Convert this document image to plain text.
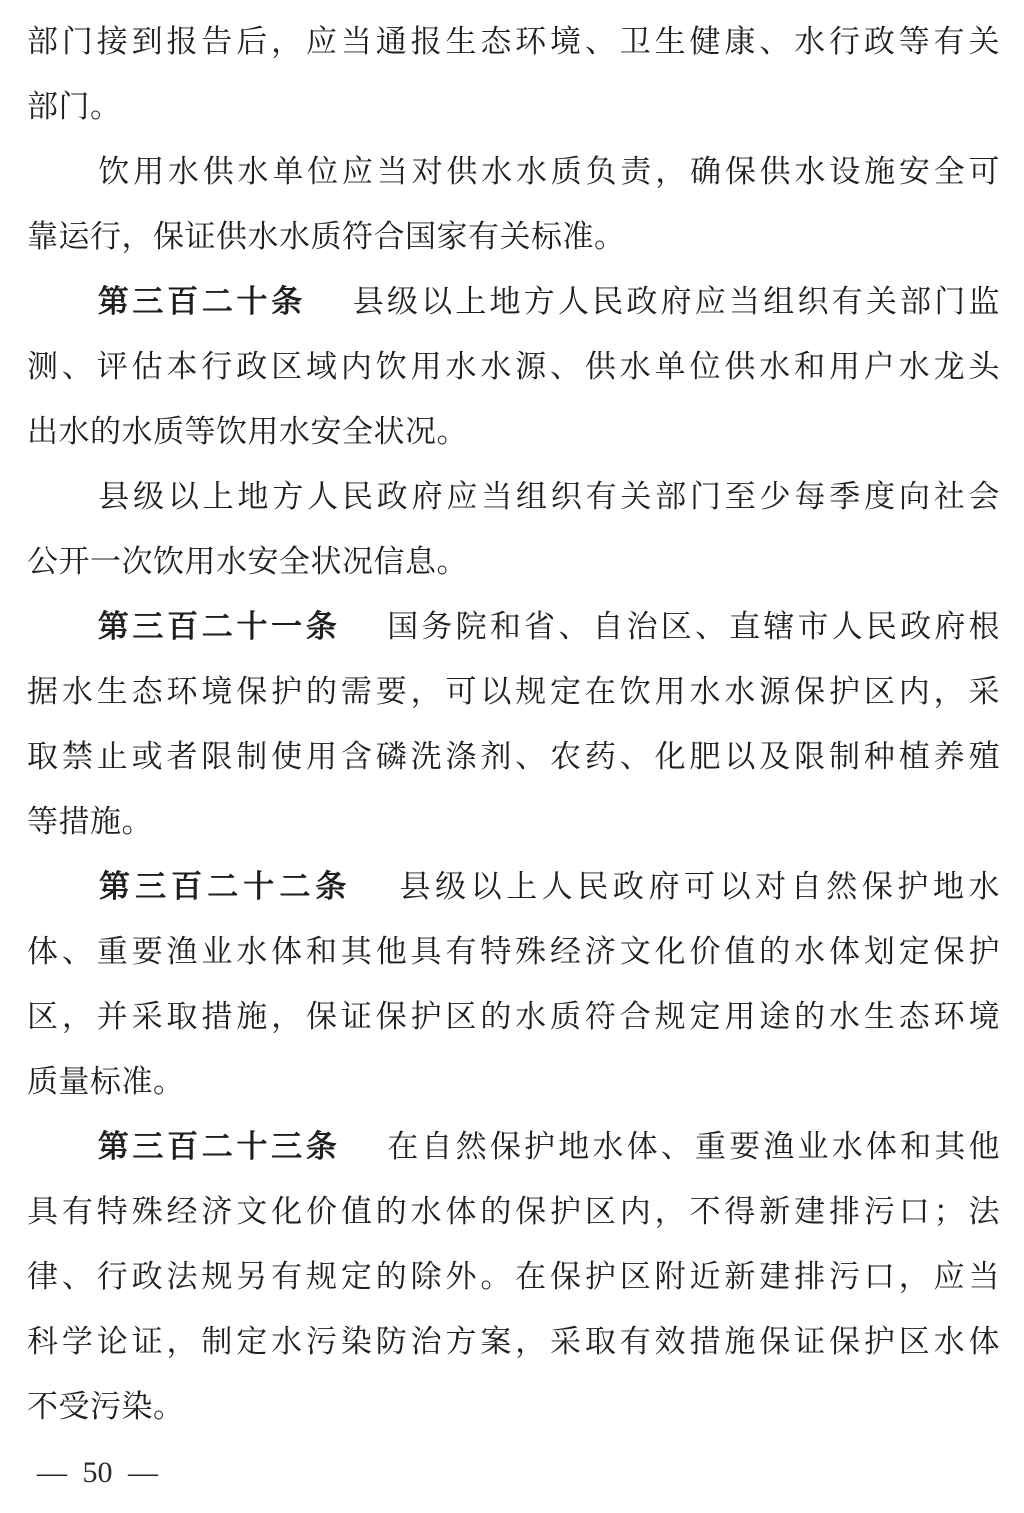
部门接到报告后，应当通报生态环境、卫生健康、水行政等有关
部门。
饮用水供水单位应当对供水水质负责，确保供水设施安全可
靠运行，保证供水水质符合国家有关标准。
第三百二十条 县级以上地方人民政府应当组织有关部门监
测、评估本行政区域内饮用水水源、供水单位供水和用户水龙头
出水的水质等饮用水安全状况。
县级以上地方人民政府应当组织有关部门至少每季度向社会
公开一次饮用水安全状况信息。
第三百二十一条 国务院和省、自治区、直辖市人民政府根
据水生态环境保护的需要，可以规定在饮用水水源保护区内，采
取禁止或者限制使用含磷洗涤剂、农药、化肥以及限制种植养殖
等措施。
第三百二十二条 县级以上人民政府可以对自然保护地水
体、重要渔业水体和其他具有特殊经济文化价值的水体划定保护
区，并采取措施，保证保护区的水质符合规定用途的水生态环境
质量标准。
第三百二十三条 在自然保护地水体、重要渔业水体和其他
具有特殊经济文化价值的水体的保护区内，不得新建排污口；法
律、行政法规另有规定的除外。在保护区附近新建排污口，应当
科学论证，制定水污染防治方案，采取有效措施保证保护区水体
不受污染。
— 50 —
